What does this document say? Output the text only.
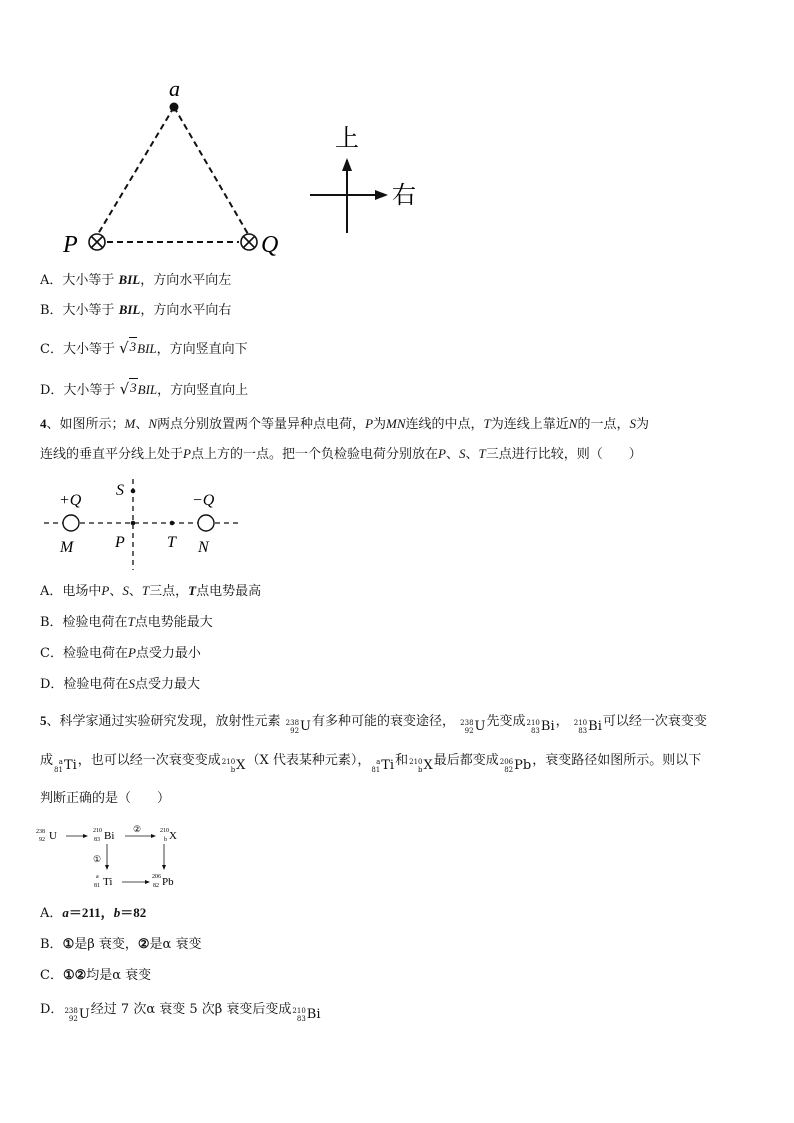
a
P	Q
上
右
A．大小等于 BIL，方向水平向左
B．大小等于 BIL，方向水平向右
C．大小等于 √ 3 BIL，方向竖直向下
D．大小等于 √ 3 BIL，方向竖直向上
4、如图所示；M、N两点分别放置两个等量异种点电荷，P为MN连线的中点，T为连线上靠近N的一点，S为
连线的垂直平分线上处于P点上方的一点。把一个负检验电荷分别放在P、S、T三点进行比较，则（　　）
+Q	−Q
S
M	P	T N
A．电场中P、S、T三点，T点电势最高
B．检验电荷在T点电势能最大
C．检验电荷在P点受力最小
D．检验电荷在S点受力最大
5、科学家通过实验研究发现，放射性元素 238
92 U 有多种可能的衰变途径， 238
92 U 先变成 210
83 Bi ， 210
83 Bi 可以经一次衰变变
成 a
81 Ti ，也可以经一次衰变变成 210
b X （X 代表某种元素）， a
81 Ti 和 210
b X 最后都变成 206
82 Pb ，衰变路径如图所示。则以下
判断正确的是（　　）
238
92 U	210
83 Bi
②	210
b X
①
a
81 Ti	206
82 Pb
A．a＝211，b＝82
B．①是β 衰变，②是α 衰变
C．①②均是α 衰变
D． 238
92 U 经过 7 次α 衰变 5 次β 衰变后变成 210
83 Bi
